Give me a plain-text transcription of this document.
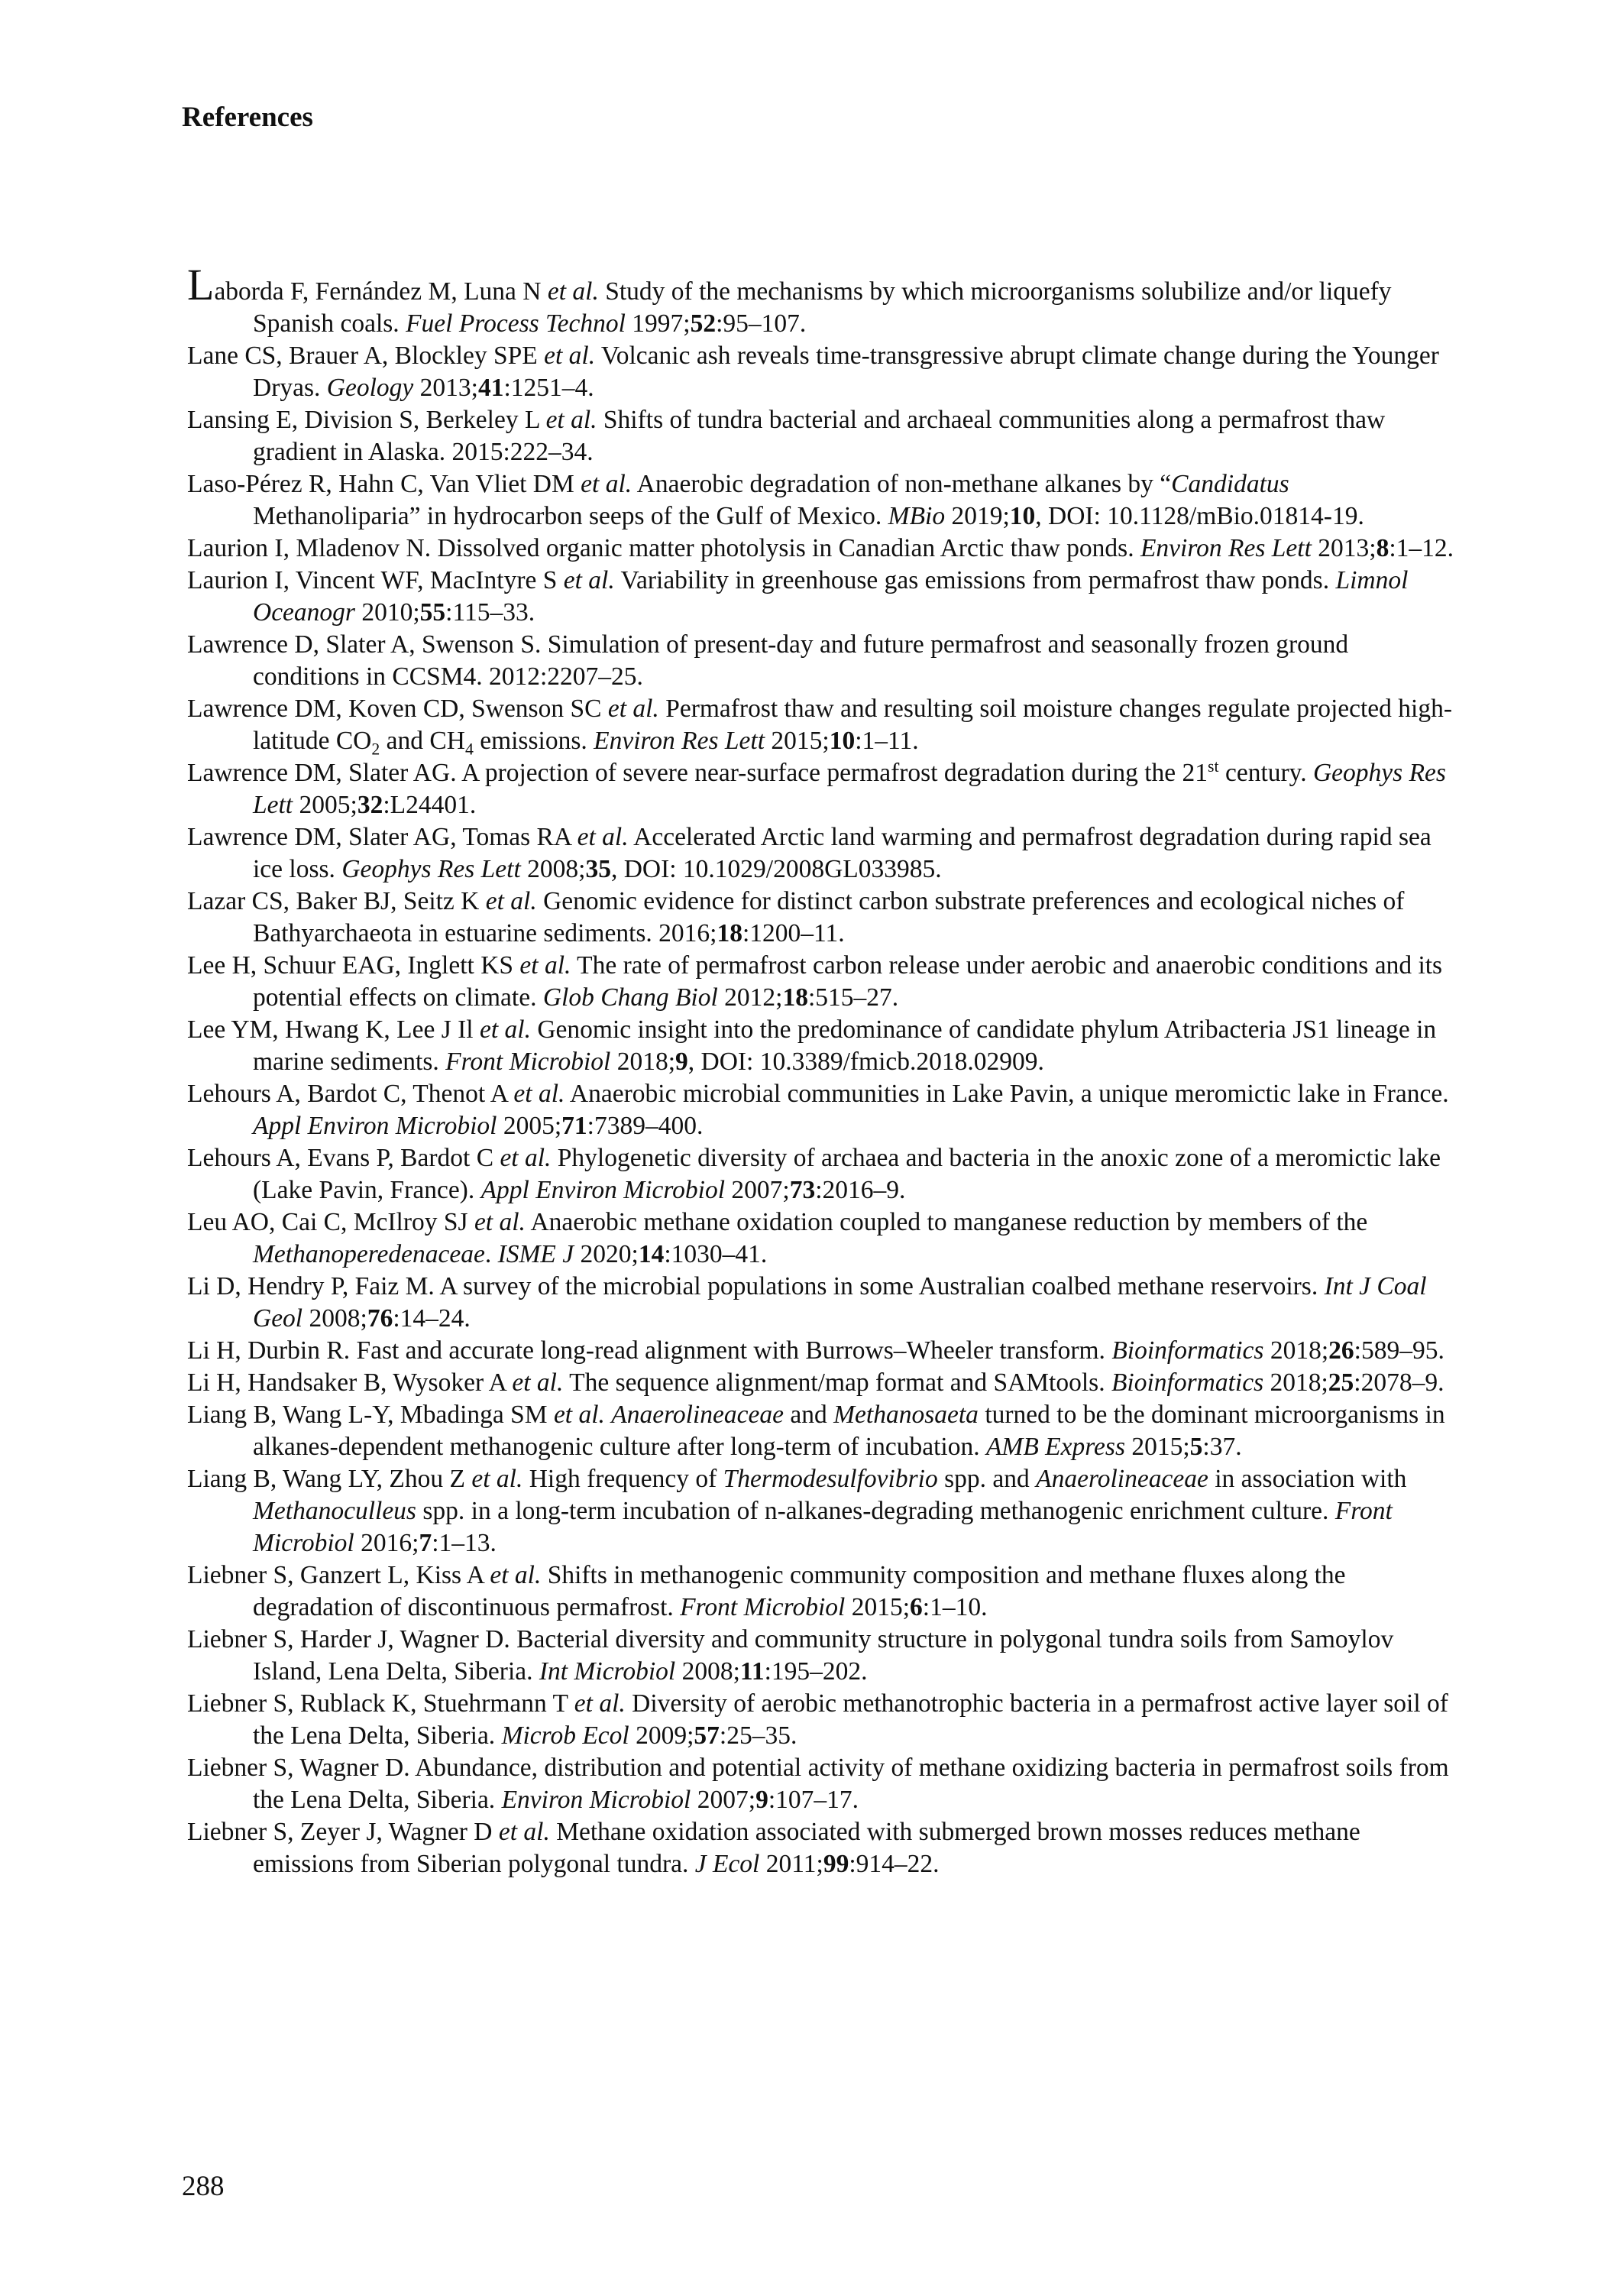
References

Laborda F, Fernández M, Luna N et al. Study of the mechanisms by which microorganisms solubilize and/or liquefy Spanish coals. Fuel Process Technol 1997;52:95–107.

Lane CS, Brauer A, Blockley SPE et al. Volcanic ash reveals time-transgressive abrupt climate change during the Younger Dryas. Geology 2013;41:1251–4.

Lansing E, Division S, Berkeley L et al. Shifts of tundra bacterial and archaeal communities along a permafrost thaw gradient in Alaska. 2015:222–34.

Laso-Pérez R, Hahn C, Van Vliet DM et al. Anaerobic degradation of non-methane alkanes by “Candidatus Methanoliparia” in hydrocarbon seeps of the Gulf of Mexico. MBio 2019;10, DOI: 10.1128/mBio.01814-19.

Laurion I, Mladenov N. Dissolved organic matter photolysis in Canadian Arctic thaw ponds. Environ Res Lett 2013;8:1–12.

Laurion I, Vincent WF, MacIntyre S et al. Variability in greenhouse gas emissions from permafrost thaw ponds. Limnol Oceanogr 2010;55:115–33.

Lawrence D, Slater A, Swenson S. Simulation of present-day and future permafrost and seasonally frozen ground conditions in CCSM4. 2012:2207–25.

Lawrence DM, Koven CD, Swenson SC et al. Permafrost thaw and resulting soil moisture changes regulate projected high-latitude $CO_2$ and $CH_4$ emissions. Environ Res Lett 2015;10:1–11.

Lawrence DM, Slater AG. A projection of severe near-surface permafrost degradation during the 21st century. Geophys Res Lett 2005;32:L24401.

Lawrence DM, Slater AG, Tomas RA et al. Accelerated Arctic land warming and permafrost degradation during rapid sea ice loss. Geophys Res Lett 2008;35, DOI: 10.1029/2008GL033985.

Lazar CS, Baker BJ, Seitz K et al. Genomic evidence for distinct carbon substrate preferences and ecological niches of Bathyarchaeota in estuarine sediments. 2016;18:1200–11.

Lee H, Schuur EAG, Inglett KS et al. The rate of permafrost carbon release under aerobic and anaerobic conditions and its potential effects on climate. Glob Chang Biol 2012;18:515–27.

Lee YM, Hwang K, Lee J Il et al. Genomic insight into the predominance of candidate phylum Atribacteria JS1 lineage in marine sediments. Front Microbiol 2018;9, DOI: 10.3389/fmicb.2018.02909.

Lehours A, Bardot C, Thenot A et al. Anaerobic microbial communities in Lake Pavin, a unique meromictic lake in France. Appl Environ Microbiol 2005;71:7389–400.

Lehours A, Evans P, Bardot C et al. Phylogenetic diversity of archaea and bacteria in the anoxic zone of a meromictic lake (Lake Pavin, France). Appl Environ Microbiol 2007;73:2016–9.

Leu AO, Cai C, McIlroy SJ et al. Anaerobic methane oxidation coupled to manganese reduction by members of the Methanoperedenaceae. ISME J 2020;14:1030–41.

Li D, Hendry P, Faiz M. A survey of the microbial populations in some Australian coalbed methane reservoirs. Int J Coal Geol 2008;76:14–24.

Li H, Durbin R. Fast and accurate long-read alignment with Burrows–Wheeler transform. Bioinformatics 2018;26:589–95.

Li H, Handsaker B, Wysoker A et al. The sequence alignment/map format and SAMtools. Bioinformatics 2018;25:2078–9.

Liang B, Wang L-Y, Mbadinga SM et al. Anaerolineaceae and Methanosaeta turned to be the dominant microorganisms in alkanes-dependent methanogenic culture after long-term of incubation. AMB Express 2015;5:37.

Liang B, Wang LY, Zhou Z et al. High frequency of Thermodesulfovibrio spp. and Anaerolineaceae in association with Methanoculleus spp. in a long-term incubation of n-alkanes-degrading methanogenic enrichment culture. Front Microbiol 2016;7:1–13.

Liebner S, Ganzert L, Kiss A et al. Shifts in methanogenic community composition and methane fluxes along the degradation of discontinuous permafrost. Front Microbiol 2015;6:1–10.

Liebner S, Harder J, Wagner D. Bacterial diversity and community structure in polygonal tundra soils from Samoylov Island, Lena Delta, Siberia. Int Microbiol 2008;11:195–202.

Liebner S, Rublack K, Stuehrmann T et al. Diversity of aerobic methanotrophic bacteria in a permafrost active layer soil of the Lena Delta, Siberia. Microb Ecol 2009;57:25–35.

Liebner S, Wagner D. Abundance, distribution and potential activity of methane oxidizing bacteria in permafrost soils from the Lena Delta, Siberia. Environ Microbiol 2007;9:107–17.

Liebner S, Zeyer J, Wagner D et al. Methane oxidation associated with submerged brown mosses reduces methane emissions from Siberian polygonal tundra. J Ecol 2011;99:914–22.

288
